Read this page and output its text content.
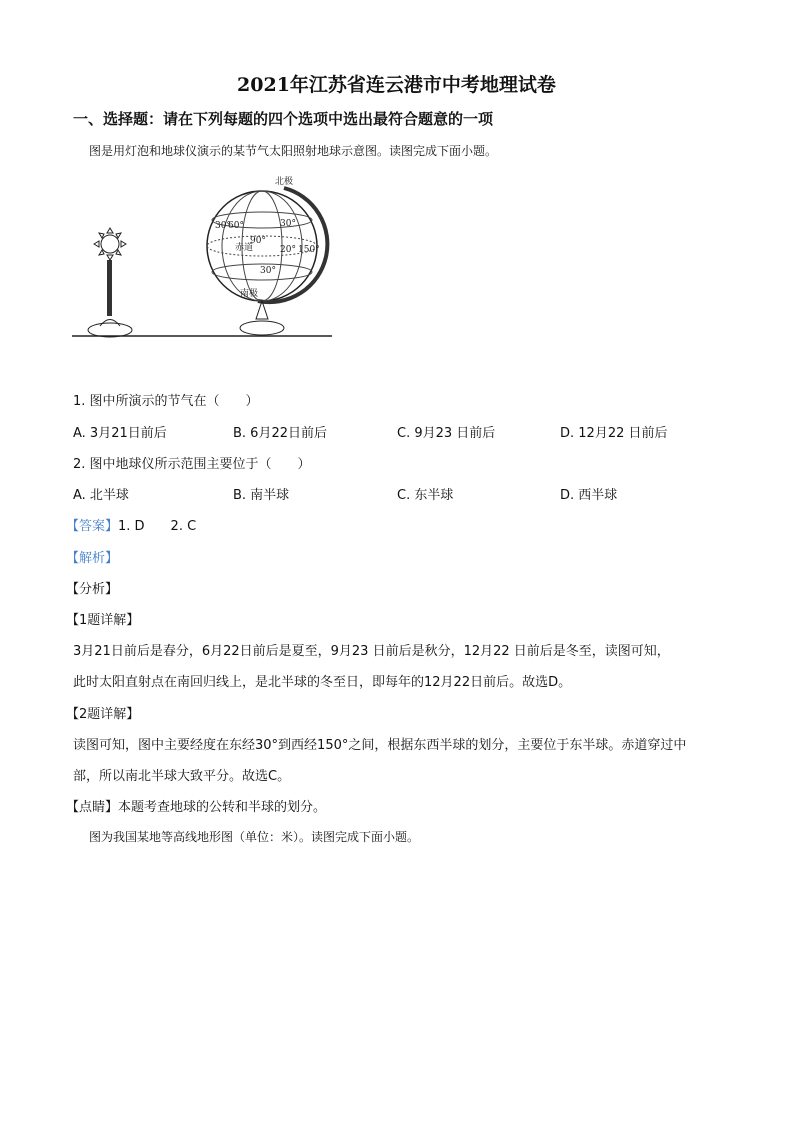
2021年江苏省连云港市中考地理试卷
一、选择题：请在下列每题的四个选项中选出最符合题意的一项
图是用灯泡和地球仪演示的某节气太阳照射地球示意图。读图完成下面小题。
北极
南极
赤道
30°
60°
90°
30°
20° 150°
30°
1. 图中所演示的节气在（　　）
A. 3月21日前后	B. 6月22日前后	C. 9月23 日前后	D. 12月22 日前后
2. 图中地球仪所示范围主要位于（　　）
A. 北半球	B. 南半球	C. 东半球	D. 西半球
【答案】1. D　　2. C
【解析】
【分析】
【1题详解】
3月21日前后是春分，6月22日前后是夏至，9月23 日前后是秋分，12月22 日前后是冬至，读图可知，
此时太阳直射点在南回归线上，是北半球的冬至日，即每年的12月22日前后。故选D。
【2题详解】
读图可知，图中主要经度在东经30°到西经150°之间，根据东西半球的划分，主要位于东半球。赤道穿过中
部，所以南北半球大致平分。故选C。
【点睛】本题考查地球的公转和半球的划分。
图为我国某地等高线地形图（单位：米）。读图完成下面小题。
